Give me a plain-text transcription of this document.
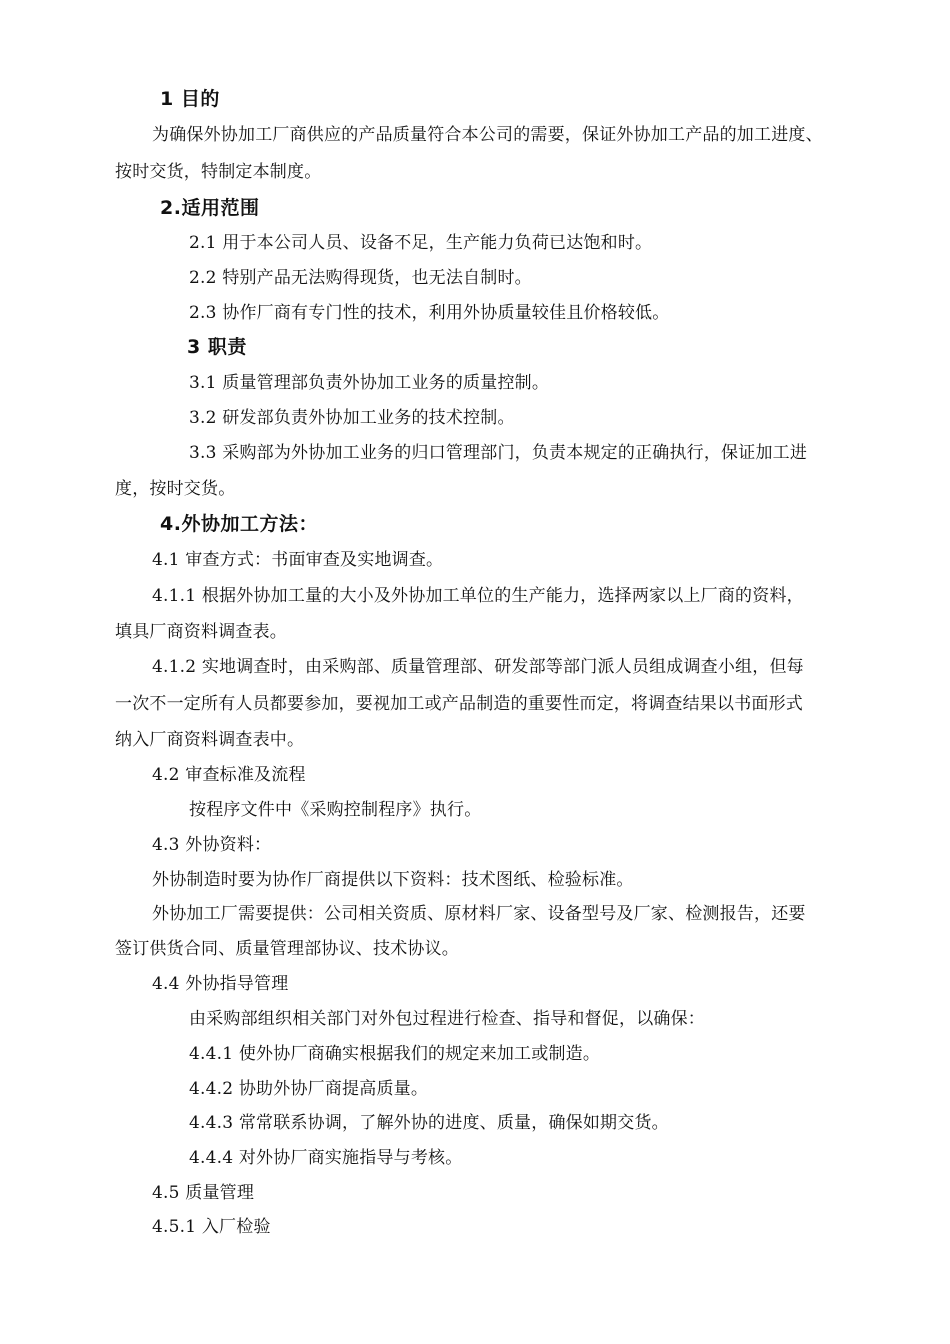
1 目的
为确保外协加工厂商供应的产品质量符合本公司的需要，保证外协加工产品的加工进度、
按时交货，特制定本制度。
2.适用范围
2.1 用于本公司人员、设备不足，生产能力负荷已达饱和时。
2.2 特别产品无法购得现货，也无法自制时。
2.3 协作厂商有专门性的技术，利用外协质量较佳且价格较低。
3 职责
3.1 质量管理部负责外协加工业务的质量控制。
3.2 研发部负责外协加工业务的技术控制。
3.3 采购部为外协加工业务的归口管理部门，负责本规定的正确执行，保证加工进
度，按时交货。
4.外协加工方法：
4.1 审查方式：书面审查及实地调查。
4.1.1 根据外协加工量的大小及外协加工单位的生产能力，选择两家以上厂商的资料，
填具厂商资料调查表。
4.1.2 实地调查时，由采购部、质量管理部、研发部等部门派人员组成调查小组，但每
一次不一定所有人员都要参加，要视加工或产品制造的重要性而定，将调查结果以书面形式
纳入厂商资料调查表中。
4.2 审查标准及流程
按程序文件中《采购控制程序》执行。
4.3 外协资料：
外协制造时要为协作厂商提供以下资料：技术图纸、检验标准。
外协加工厂需要提供：公司相关资质、原材料厂家、设备型号及厂家、检测报告，还要
签订供货合同、质量管理部协议、技术协议。
4.4 外协指导管理
由采购部组织相关部门对外包过程进行检查、指导和督促，以确保：
4.4.1 使外协厂商确实根据我们的规定来加工或制造。
4.4.2 协助外协厂商提高质量。
4.4.3 常常联系协调，了解外协的进度、质量，确保如期交货。
4.4.4 对外协厂商实施指导与考核。
4.5 质量管理
4.5.1 入厂检验
